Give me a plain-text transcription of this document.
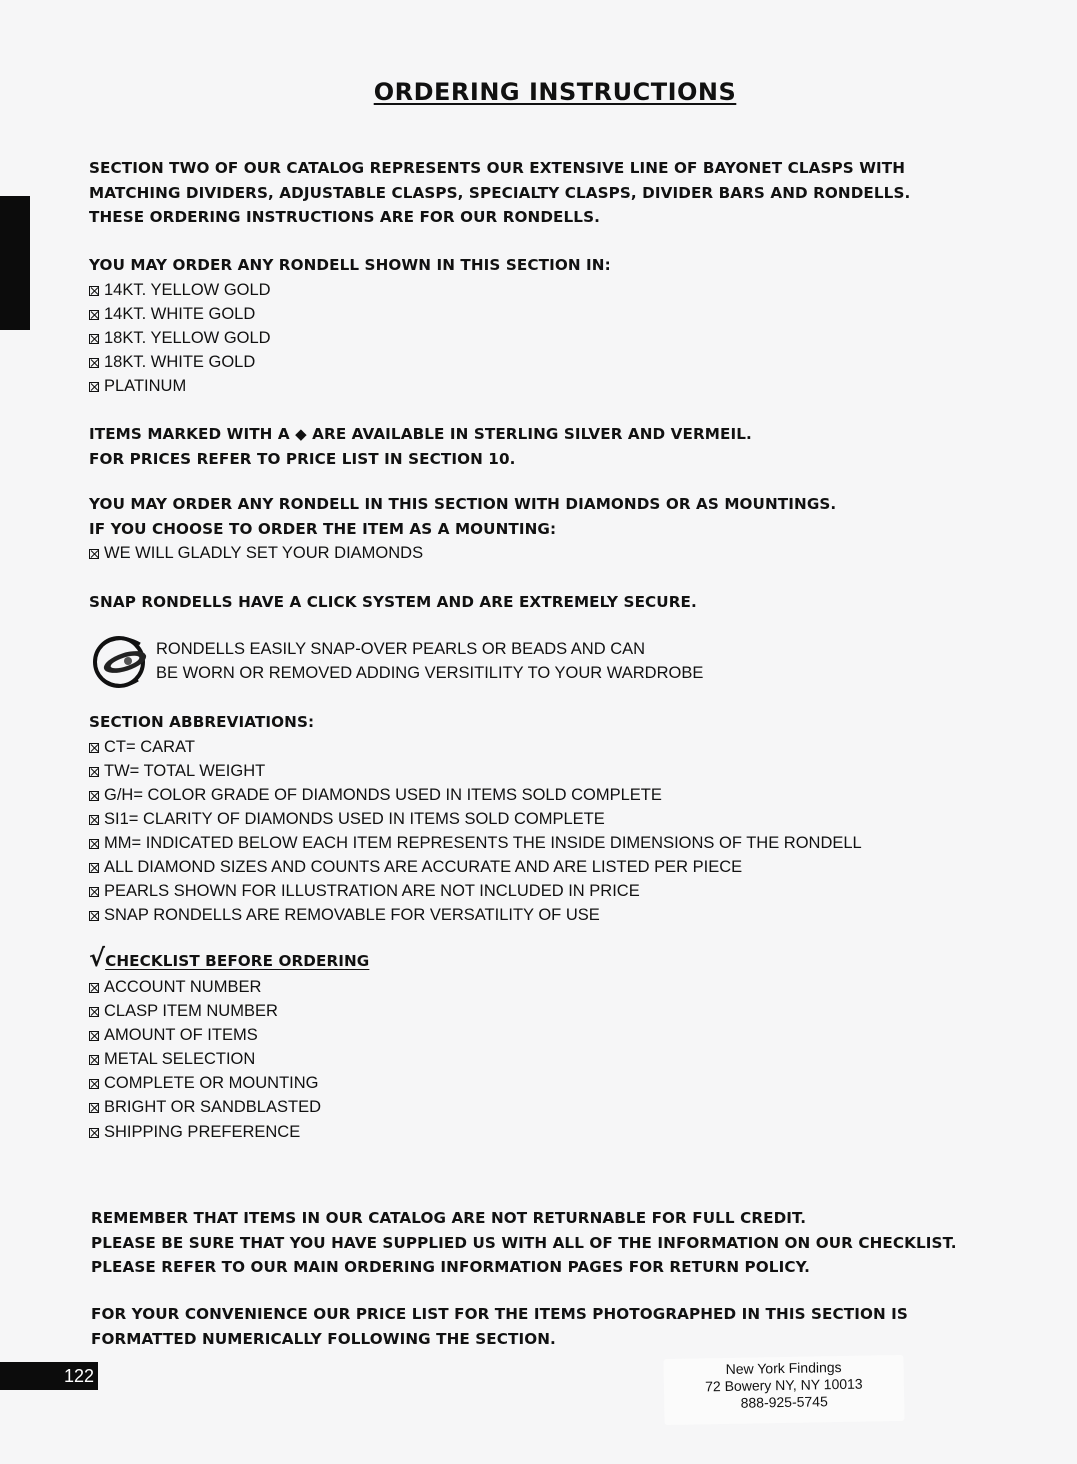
ORDERING INSTRUCTIONS
SECTION TWO OF OUR CATALOG REPRESENTS OUR EXTENSIVE LINE OF BAYONET CLASPS WITH
MATCHING DIVIDERS, ADJUSTABLE CLASPS, SPECIALTY CLASPS, DIVIDER BARS AND RONDELLS.
THESE ORDERING INSTRUCTIONS ARE FOR OUR RONDELLS.
YOU MAY ORDER ANY RONDELL SHOWN IN THIS SECTION IN:
14KT. YELLOW GOLD
14KT. WHITE GOLD
18KT. YELLOW GOLD
18KT. WHITE GOLD
PLATINUM
ITEMS MARKED WITH A ◆ ARE AVAILABLE IN STERLING SILVER AND VERMEIL.
FOR PRICES REFER TO PRICE LIST IN SECTION 10.
YOU MAY ORDER ANY RONDELL IN THIS SECTION WITH DIAMONDS OR AS MOUNTINGS.
IF YOU CHOOSE TO ORDER THE ITEM AS A MOUNTING:
WE WILL GLADLY SET YOUR DIAMONDS
SNAP RONDELLS HAVE A CLICK SYSTEM AND ARE EXTREMELY SECURE.
RONDELLS EASILY SNAP-OVER PEARLS OR BEADS AND CAN
BE WORN OR REMOVED ADDING VERSITILITY TO YOUR WARDROBE
SECTION ABBREVIATIONS:
CT= CARAT
TW= TOTAL WEIGHT
G/H= COLOR GRADE OF DIAMONDS USED IN ITEMS SOLD COMPLETE
SI1= CLARITY OF DIAMONDS USED IN ITEMS SOLD COMPLETE
MM= INDICATED BELOW EACH ITEM REPRESENTS THE INSIDE DIMENSIONS OF THE RONDELL
ALL DIAMOND SIZES AND COUNTS ARE ACCURATE AND ARE LISTED PER PIECE
PEARLS SHOWN FOR ILLUSTRATION ARE NOT INCLUDED IN PRICE
SNAP RONDELLS ARE REMOVABLE FOR VERSATILITY OF USE
√CHECKLIST BEFORE ORDERING
ACCOUNT NUMBER
CLASP ITEM NUMBER
AMOUNT OF ITEMS
METAL SELECTION
COMPLETE OR MOUNTING
BRIGHT OR SANDBLASTED
SHIPPING PREFERENCE
REMEMBER THAT ITEMS IN OUR CATALOG ARE NOT RETURNABLE FOR FULL CREDIT.
PLEASE BE SURE THAT YOU HAVE SUPPLIED US WITH ALL OF THE INFORMATION ON OUR CHECKLIST.
PLEASE REFER TO OUR MAIN ORDERING INFORMATION PAGES FOR RETURN POLICY.
FOR YOUR CONVENIENCE OUR PRICE LIST FOR THE ITEMS PHOTOGRAPHED IN THIS SECTION IS
FORMATTED NUMERICALLY FOLLOWING THE SECTION.
122	New York Findings
72 Bowery NY, NY 10013
888-925-5745
